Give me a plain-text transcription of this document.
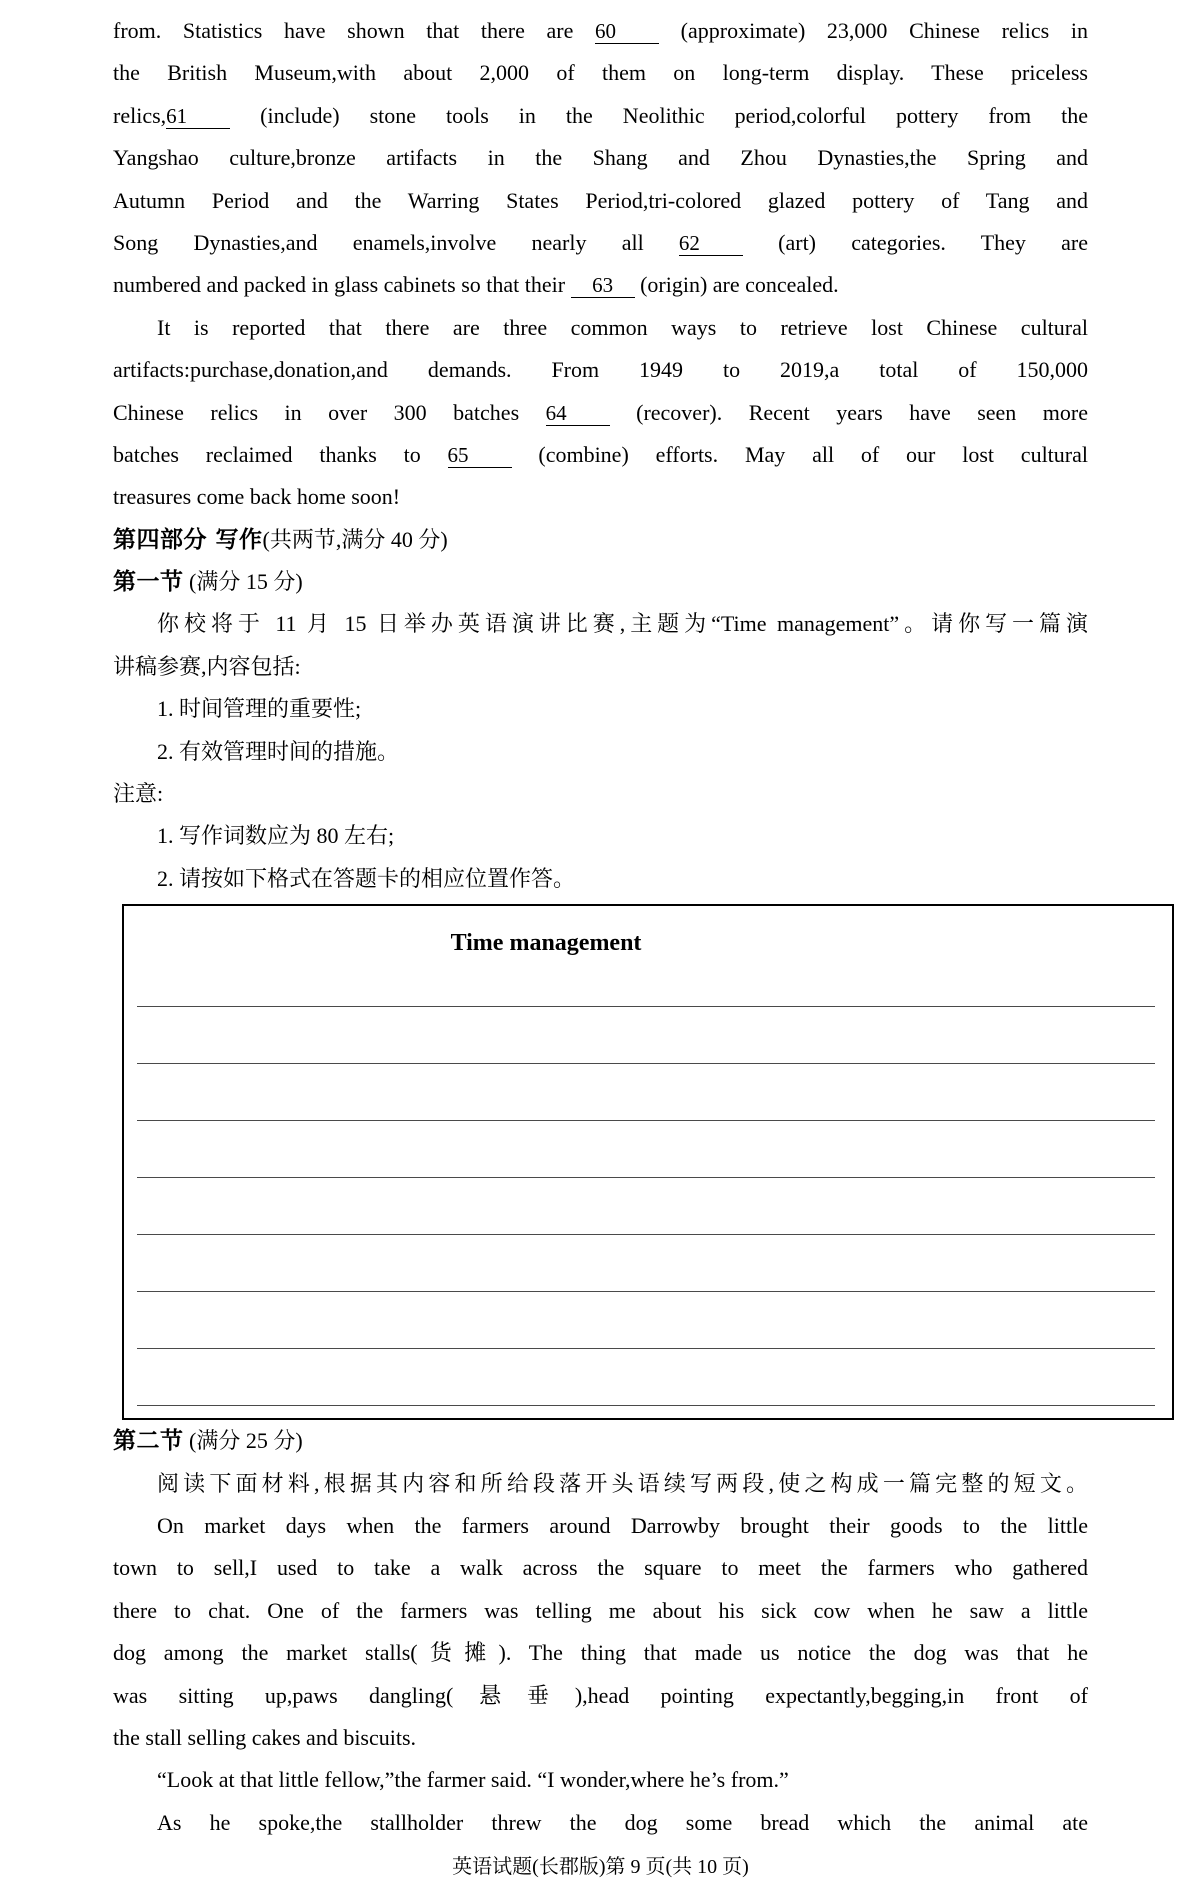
from. Statistics have shown that there are 60 (approximate) 23,000 Chinese relics in
the British Museum,with about 2,000 of them on long-term display. These priceless
relics,61 (include) stone tools in the Neolithic period,colorful pottery from the
Yangshao culture,bronze artifacts in the Shang and Zhou Dynasties,the Spring and
Autumn Period and the Warring States Period,tri-colored glazed pottery of Tang and
Song Dynasties,and enamels,involve nearly all 62 (art) categories. They are
numbered and packed in glass cabinets so that their 63 (origin) are concealed.
It is reported that there are three common ways to retrieve lost Chinese cultural
artifacts:purchase,donation,and demands. From 1949 to 2019,a total of 150,000
Chinese relics in over 300 batches 64 (recover). Recent years have seen more
batches reclaimed thanks to 65 (combine) efforts. May all of our lost cultural
treasures come back home soon!
第四部分 写作(共两节,满分 40 分)
第一节 (满分 15 分)
你校将于 11 月 15 日举办英语演讲比赛,主题为“Time management”。请你写一篇演
讲稿参赛,内容包括:
1. 时间管理的重要性;
2. 有效管理时间的措施。
注意:
1. 写作词数应为 80 左右;
2. 请按如下格式在答题卡的相应位置作答。
Time management
第二节 (满分 25 分)
阅读下面材料,根据其内容和所给段落开头语续写两段,使之构成一篇完整的短文。
On market days when the farmers around Darrowby brought their goods to the little
town to sell,I used to take a walk across the square to meet the farmers who gathered
there to chat. One of the farmers was telling me about his sick cow when he saw a little
dog among the market stalls(货摊). The thing that made us notice the dog was that he
was sitting up,paws dangling(悬垂),head pointing expectantly,begging,in front of
the stall selling cakes and biscuits.
“Look at that little fellow,”the farmer said. “I wonder,where he’s from.”
As he spoke,the stallholder threw the dog some bread which the animal ate
英语试题(长郡版)第 9 页(共 10 页)
